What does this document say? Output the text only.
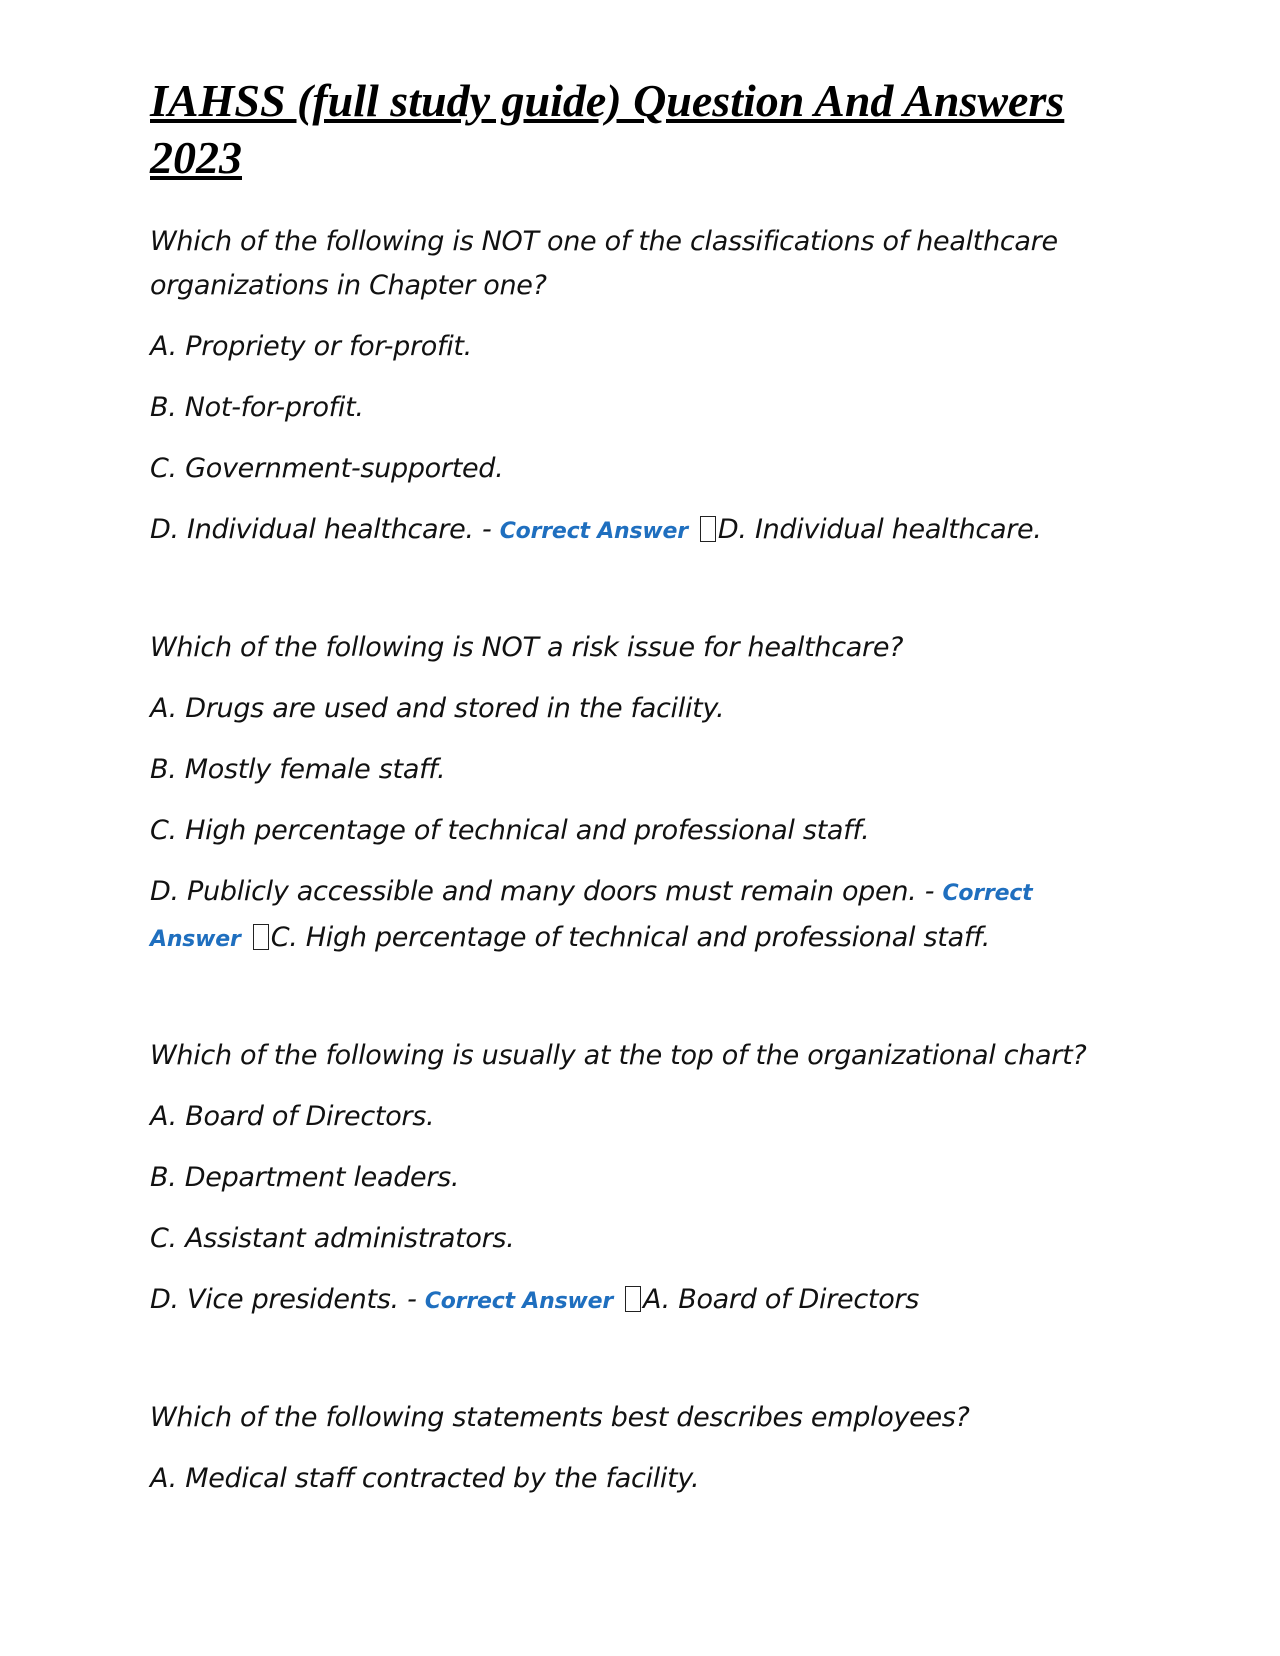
IAHSS (full study guide) Question And Answers 2023

Which of the following is NOT one of the classifications of healthcare organizations in Chapter one?

A. Propriety or for-profit.

B. Not-for-profit.

C. Government-supported.

D. Individual healthcare. - Correct Answer D. Individual healthcare.

Which of the following is NOT a risk issue for healthcare?

A. Drugs are used and stored in the facility.

B. Mostly female staff.

C. High percentage of technical and professional staff.

D. Publicly accessible and many doors must remain open. - Correct Answer C. High percentage of technical and professional staff.

Which of the following is usually at the top of the organizational chart?

A. Board of Directors.

B. Department leaders.

C. Assistant administrators.

D. Vice presidents. - Correct Answer A. Board of Directors

Which of the following statements best describes employees?

A. Medical staff contracted by the facility.
